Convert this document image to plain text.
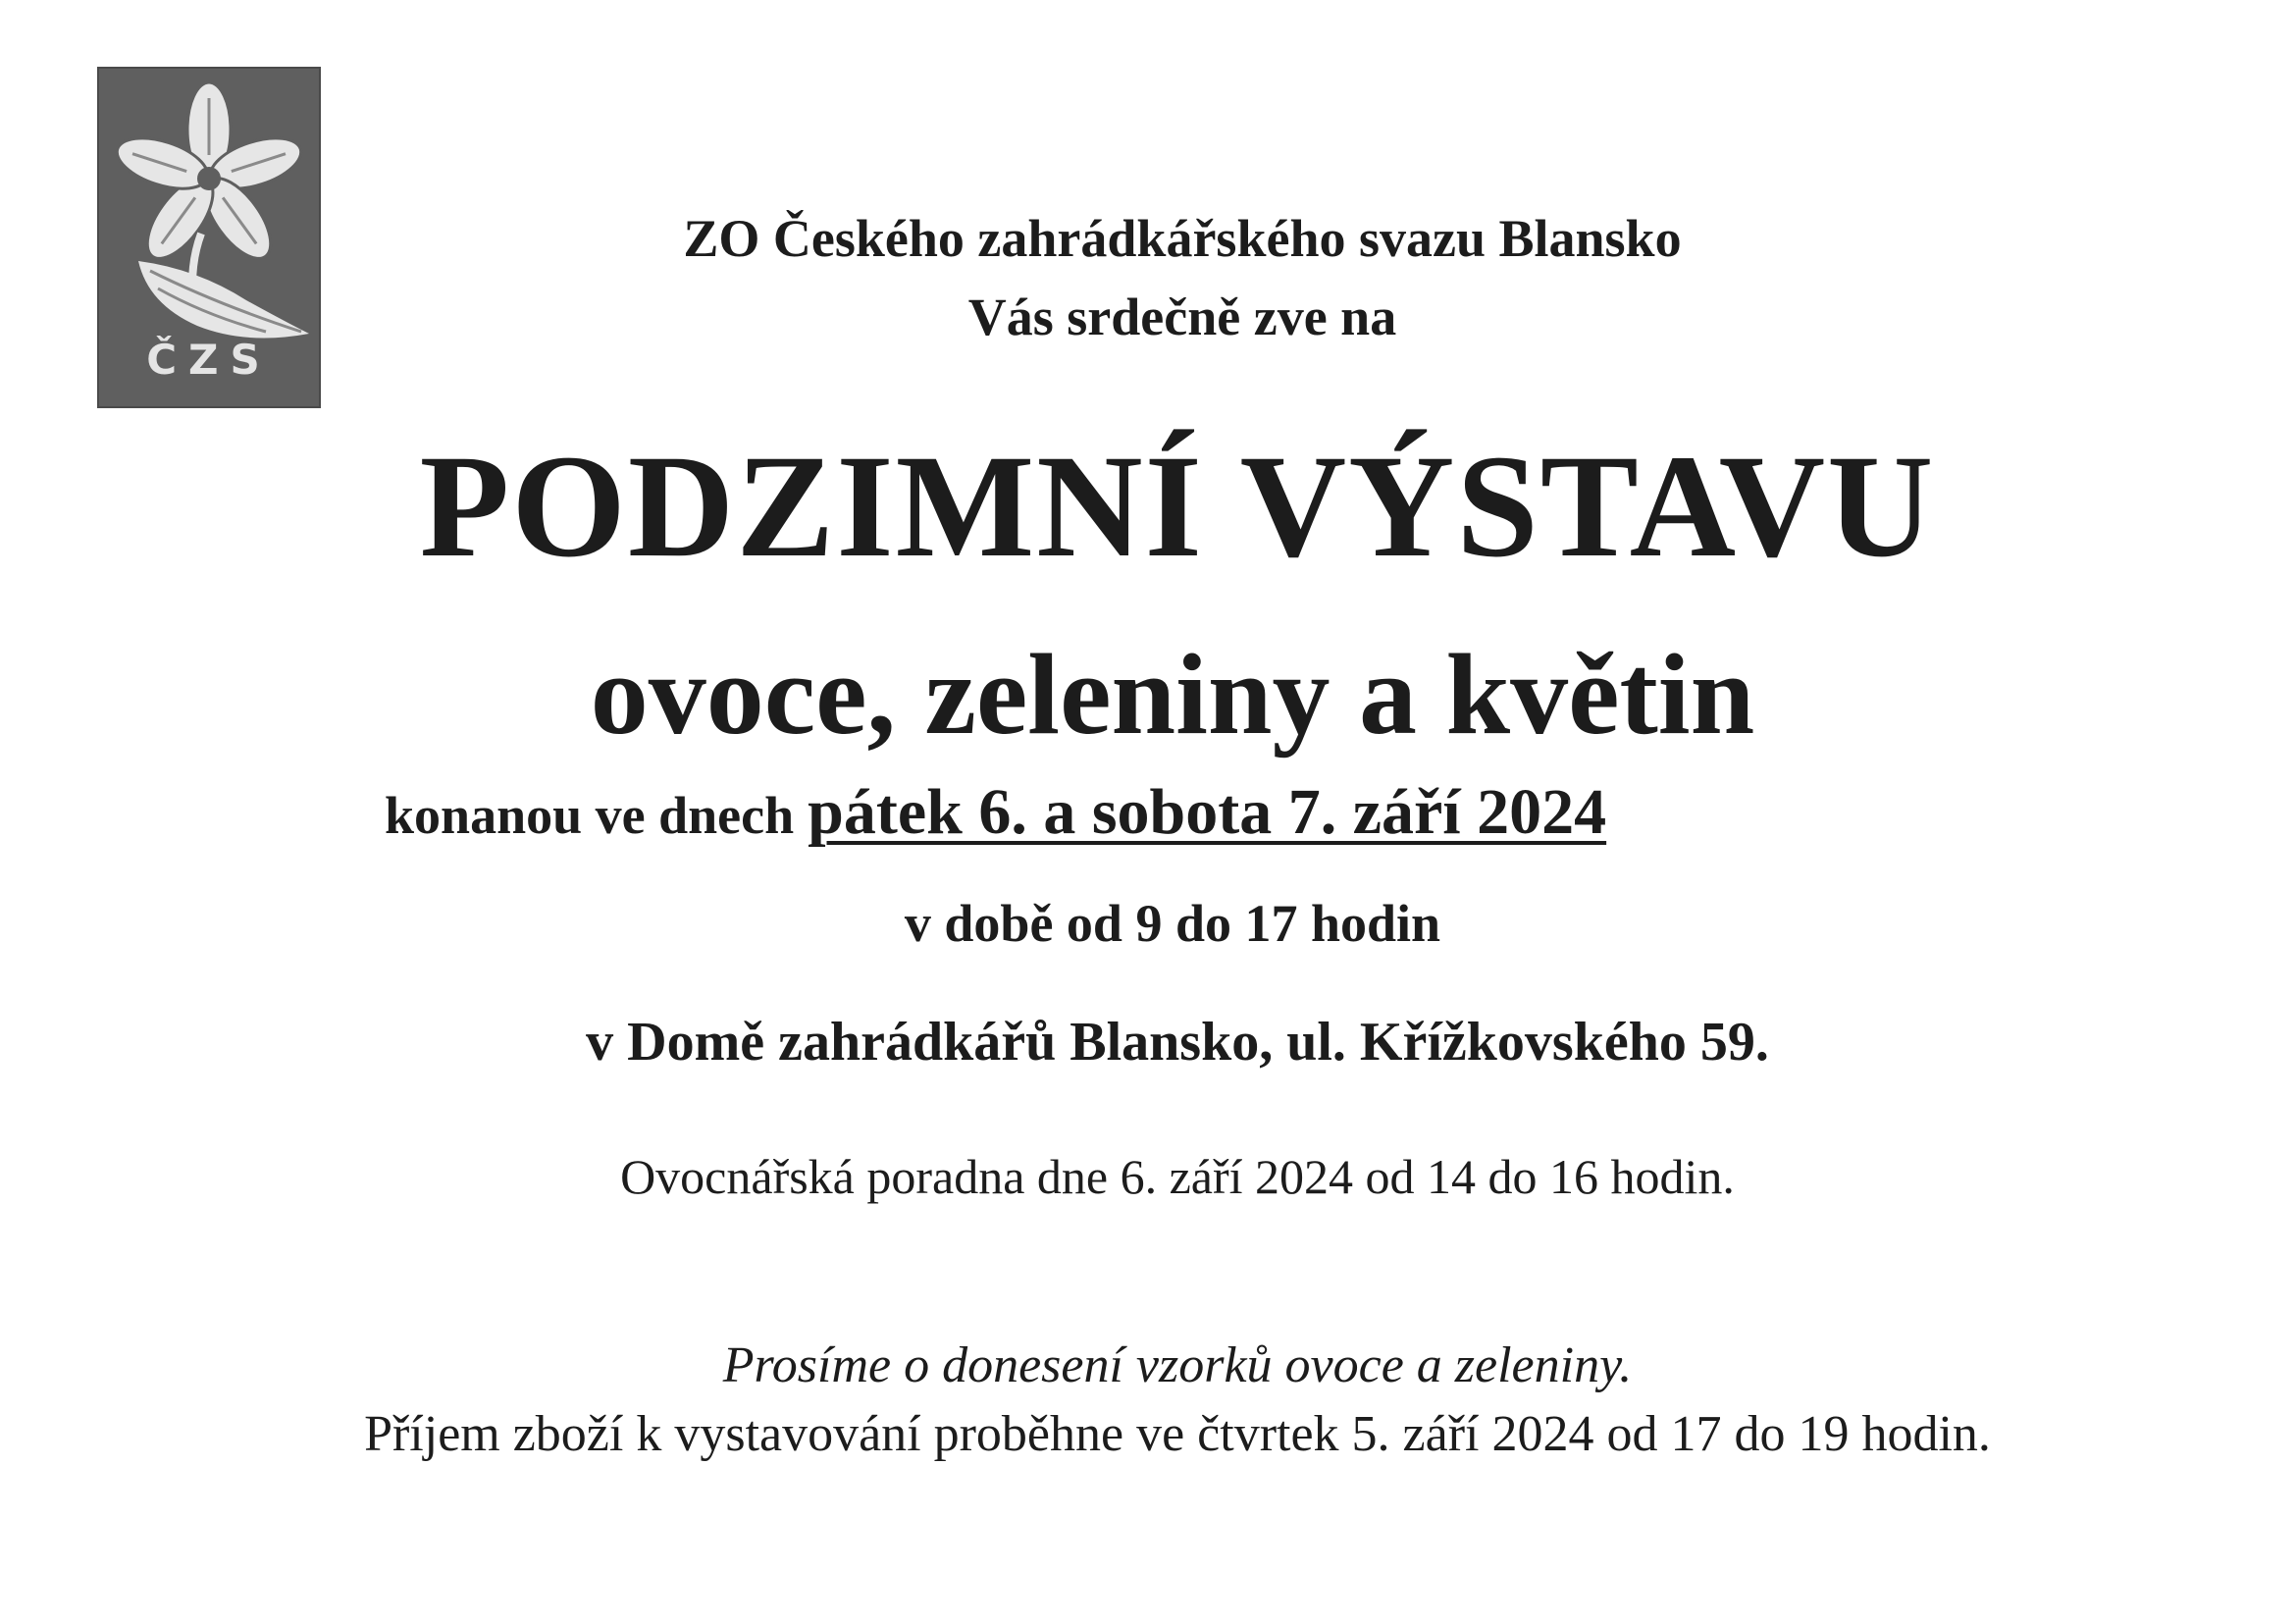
ČZS

ZO Českého zahrádkářského svazu Blansko

Vás srdečně zve na

PODZIMNÍ VÝSTAVU
ovoce, zeleniny a květin

konanou ve dnech pátek 6. a sobota 7. září 2024

v době od 9 do 17 hodin

v Domě zahrádkářů Blansko, ul. Křížkovského 59.

Ovocnářská poradna dne 6. září 2024 od 14 do 16 hodin.

Prosíme o donesení vzorků ovoce a zeleniny.

Příjem zboží k vystavování proběhne ve čtvrtek 5. září 2024 od 17 do 19 hodin.
